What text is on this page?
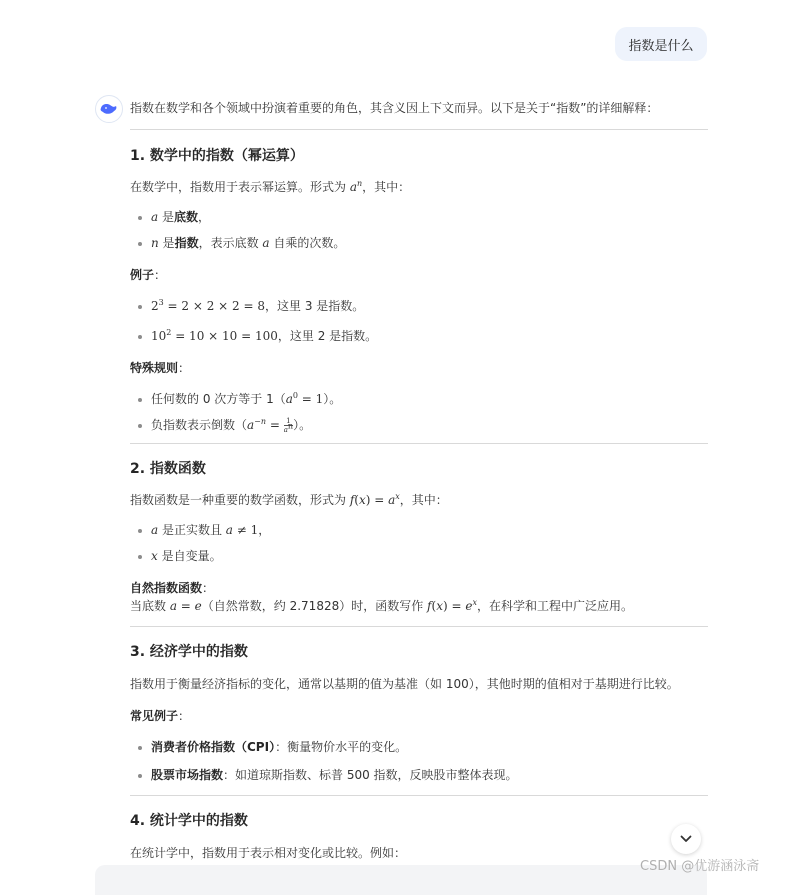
指数是什么

指数在数学和各个领域中扮演着重要的角色，其含义因上下文而异。以下是关于“指数”的详细解释：

1. 数学中的指数（幂运算）

在数学中，指数用于表示幂运算。形式为 $a^n$，其中：

a 是底数，
n 是指数，表示底数 a 自乘的次数。

例子：

$2^3 = 2 \times 2 \times 2 = 8$，这里 3 是指数。
$10^2 = 10 \times 10 = 100$，这里 2 是指数。

特殊规则：

任何数的 0 次方等于 $1(a^0 = 1)$。
负指数表示倒数（$a^{-n} = \frac{1}{a^n}$ ）。
2. 指数函数

指数函数是一种重要的数学函数，形式为 $f(x) = a^x$，其中：

a 是正实数且 a ≠ 1，
x 是自变量。

自然指数函数：

当底数 a = e（自然常数，约 2.71828）时，函数写作 $f(x) = e^x$，在科学和工程中广泛应用。

3. 经济学中的指数

指数用于衡量经济指标的变化，通常以基期的值为基准（如 100），其他时期的值相对于基期进行比较。

常见例子：

消费者价格指数（CPI）：衡量物价水平的变化。
股票市场指数：如道琼斯指数、标普 500 指数，反映股市整体表现。
4. 统计学中的指数

在统计学中，指数用于表示相对变化或比较。例如：

CSDN @优游涵泳斋
